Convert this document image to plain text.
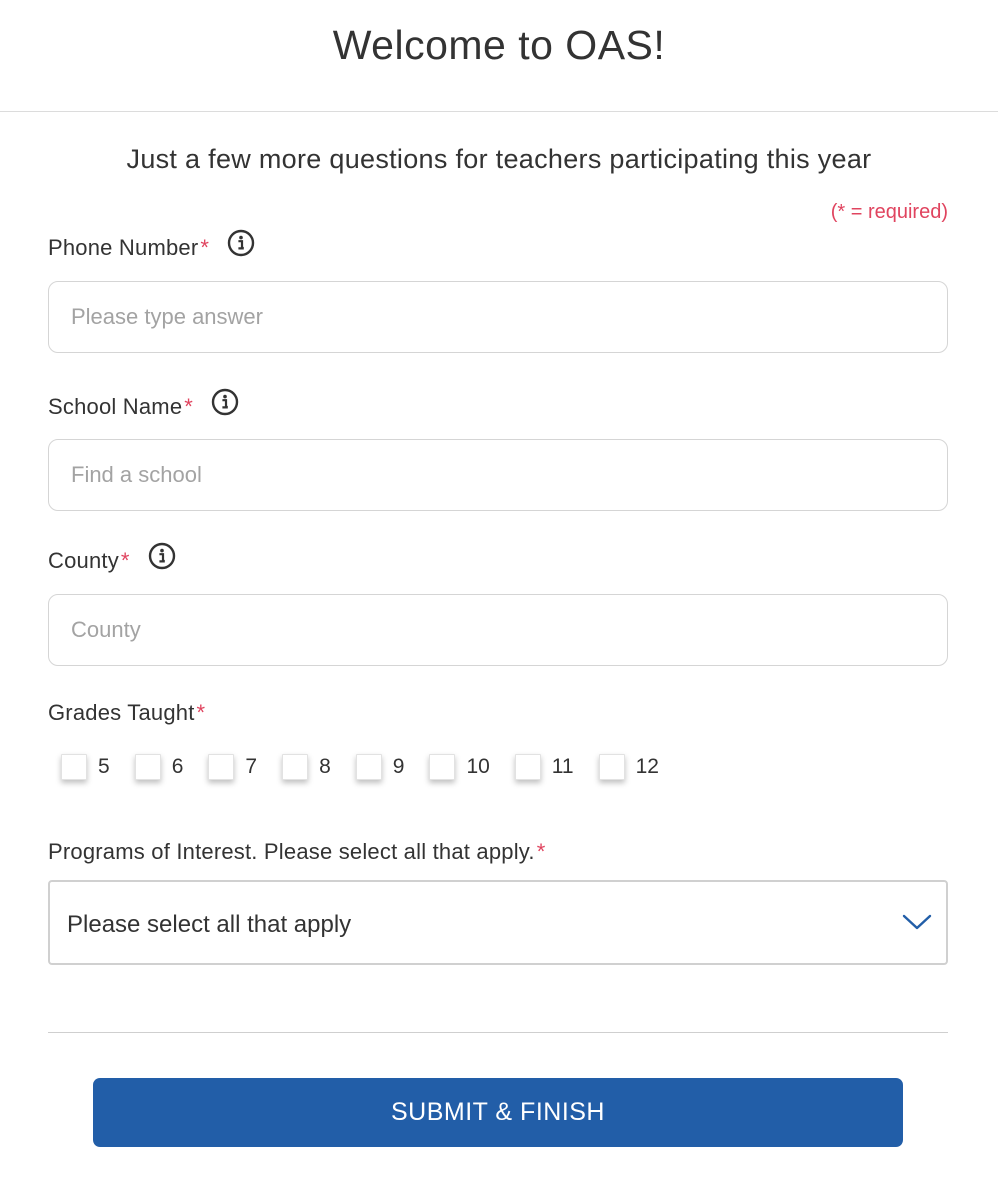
Welcome to OAS!
Just a few more questions for teachers participating this year
(* = required)
Phone Number*
Please type answer
School Name*
Find a school
County*
County
Grades Taught*
5	6	7	8	9	10	11	12
Programs of Interest. Please select all that apply.*
Please select all that apply
SUBMIT & FINISH
